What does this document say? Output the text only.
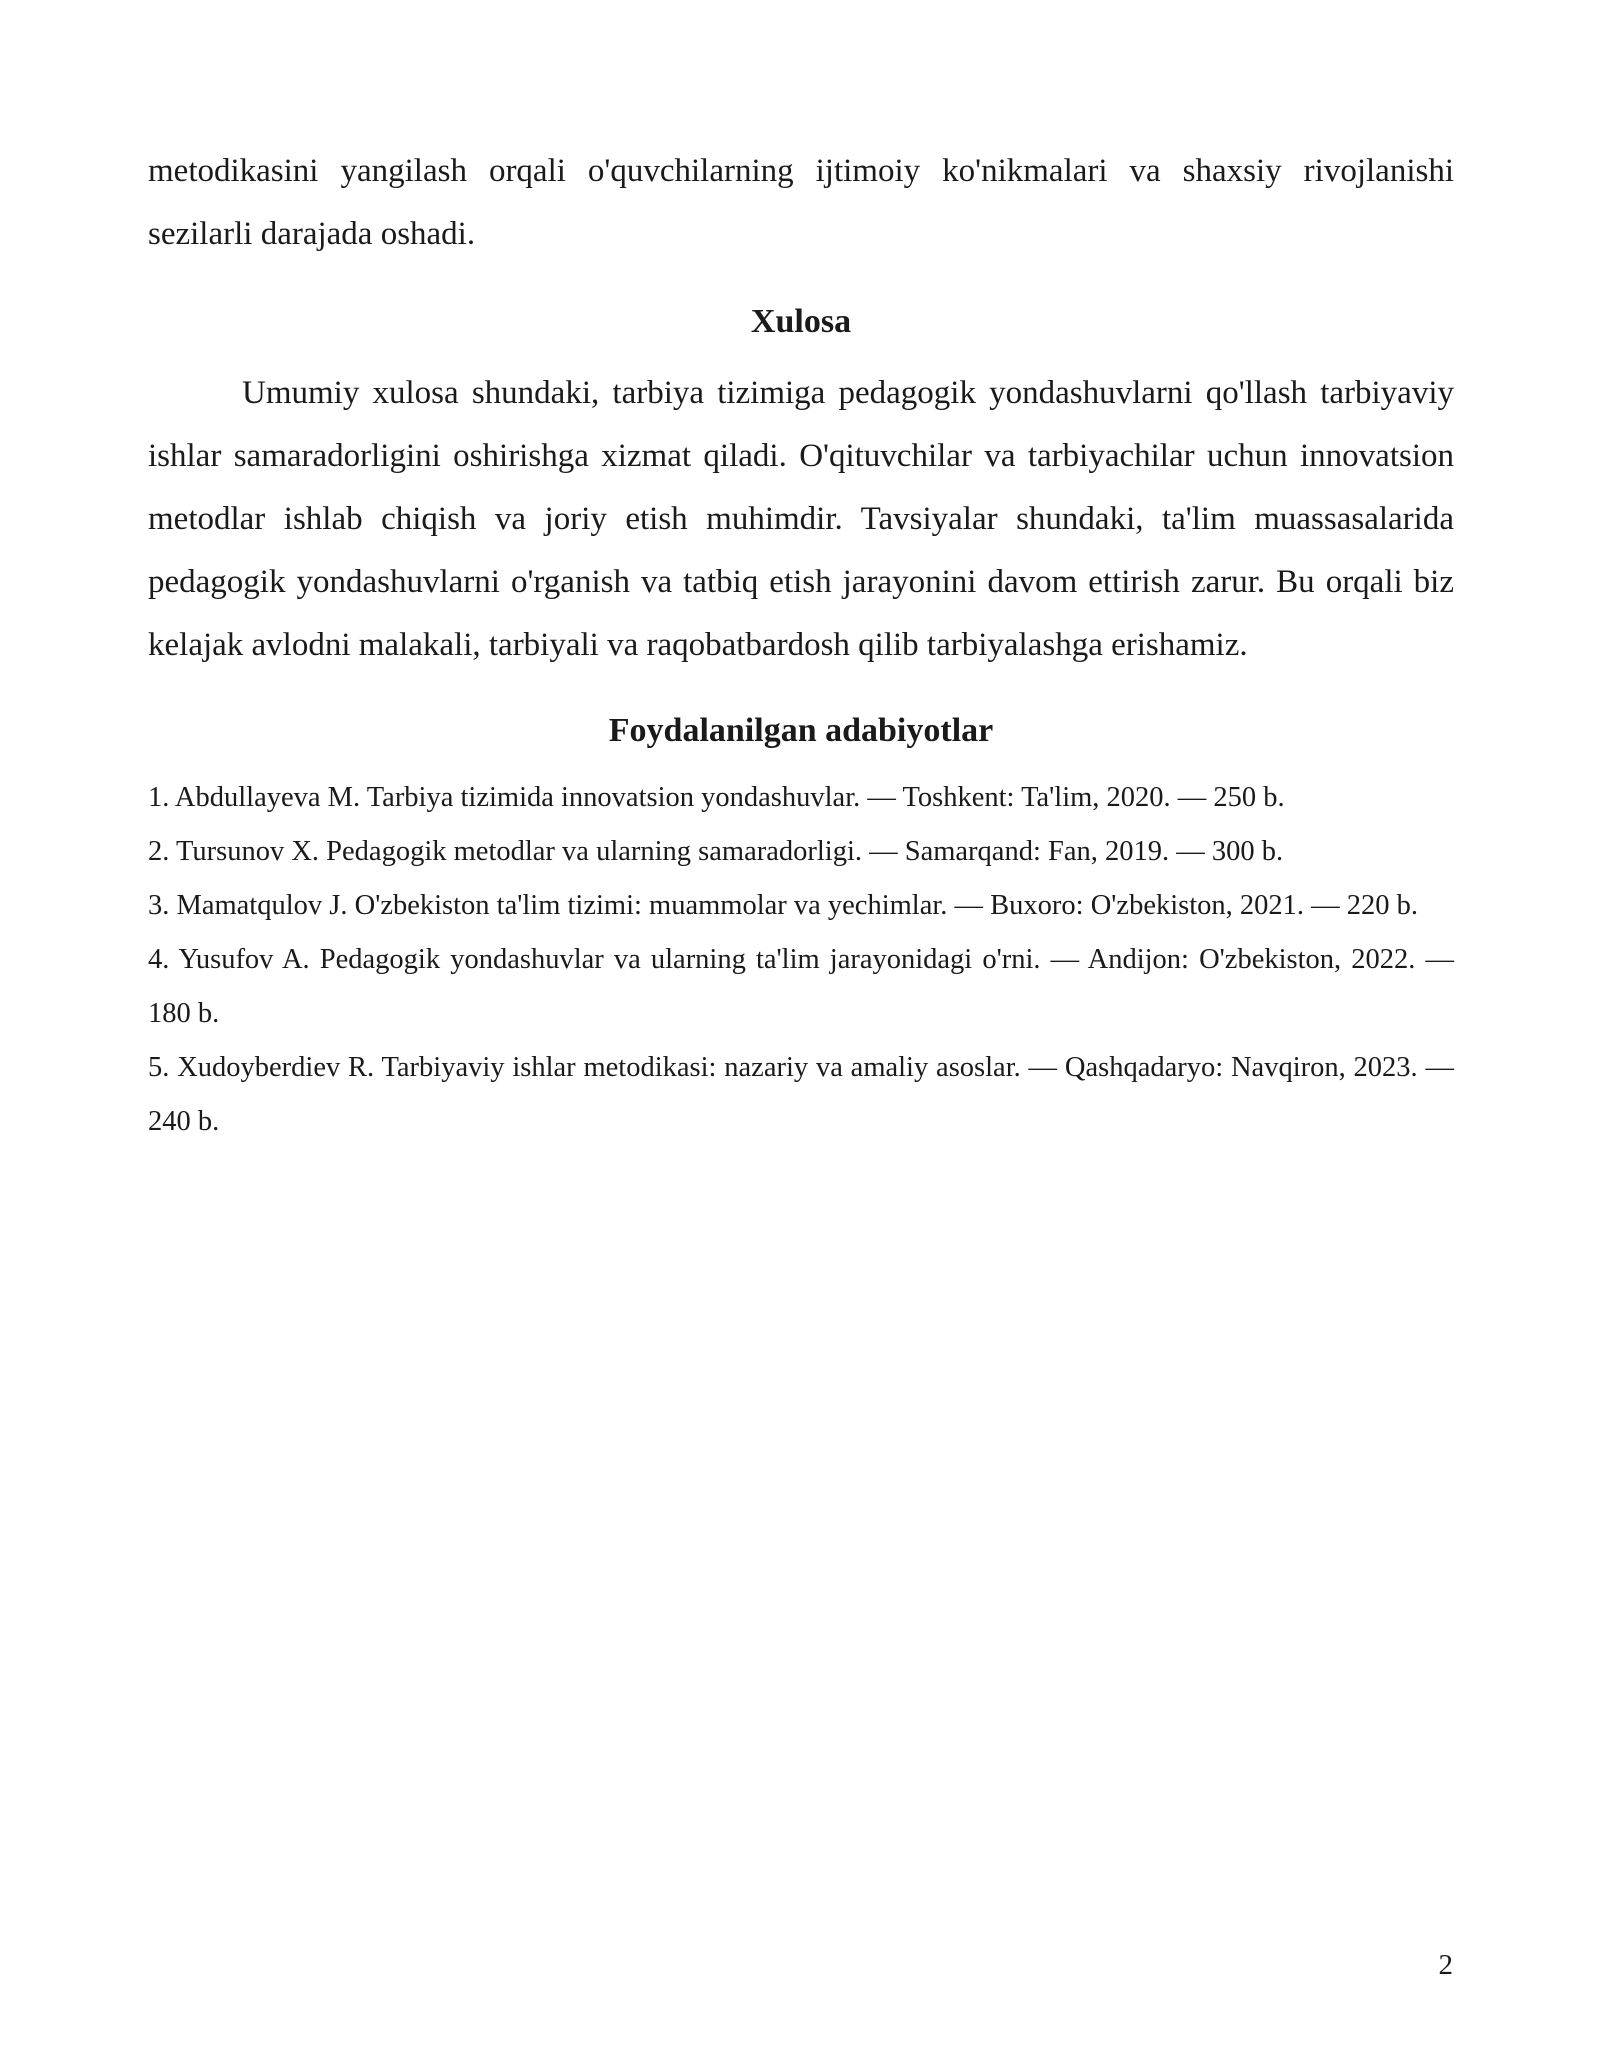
metodikasini yangilash orqali o'quvchilarning ijtimoiy ko'nikmalari va shaxsiy rivojlanishi sezilarli darajada oshadi.

Xulosa

Umumiy xulosa shundaki, tarbiya tizimiga pedagogik yondashuvlarni qo'llash tarbiyaviy ishlar samaradorligini oshirishga xizmat qiladi. O'qituvchilar va tarbiyachilar uchun innovatsion metodlar ishlab chiqish va joriy etish muhimdir. Tavsiyalar shundaki, ta'lim muassasalarida pedagogik yondashuvlarni o'rganish va tatbiq etish jarayonini davom ettirish zarur. Bu orqali biz kelajak avlodni malakali, tarbiyali va raqobatbardosh qilib tarbiyalashga erishamiz.

Foydalanilgan adabiyotlar
1. Abdullayeva M. Tarbiya tizimida innovatsion yondashuvlar. — Toshkent: Ta'lim, 2020. — 250 b.
2. Tursunov X. Pedagogik metodlar va ularning samaradorligi. — Samarqand: Fan, 2019. — 300 b.
3. Mamatqulov J. O'zbekiston ta'lim tizimi: muammolar va yechimlar. — Buxoro: O'zbekiston, 2021. — 220 b.
4. Yusufov A. Pedagogik yondashuvlar va ularning ta'lim jarayonidagi o'rni. — Andijon: O'zbekiston, 2022. — 180 b.
5. Xudoyberdiev R. Tarbiyaviy ishlar metodikasi: nazariy va amaliy asoslar. — Qashqadaryo: Navqiron, 2023. — 240 b.
2
